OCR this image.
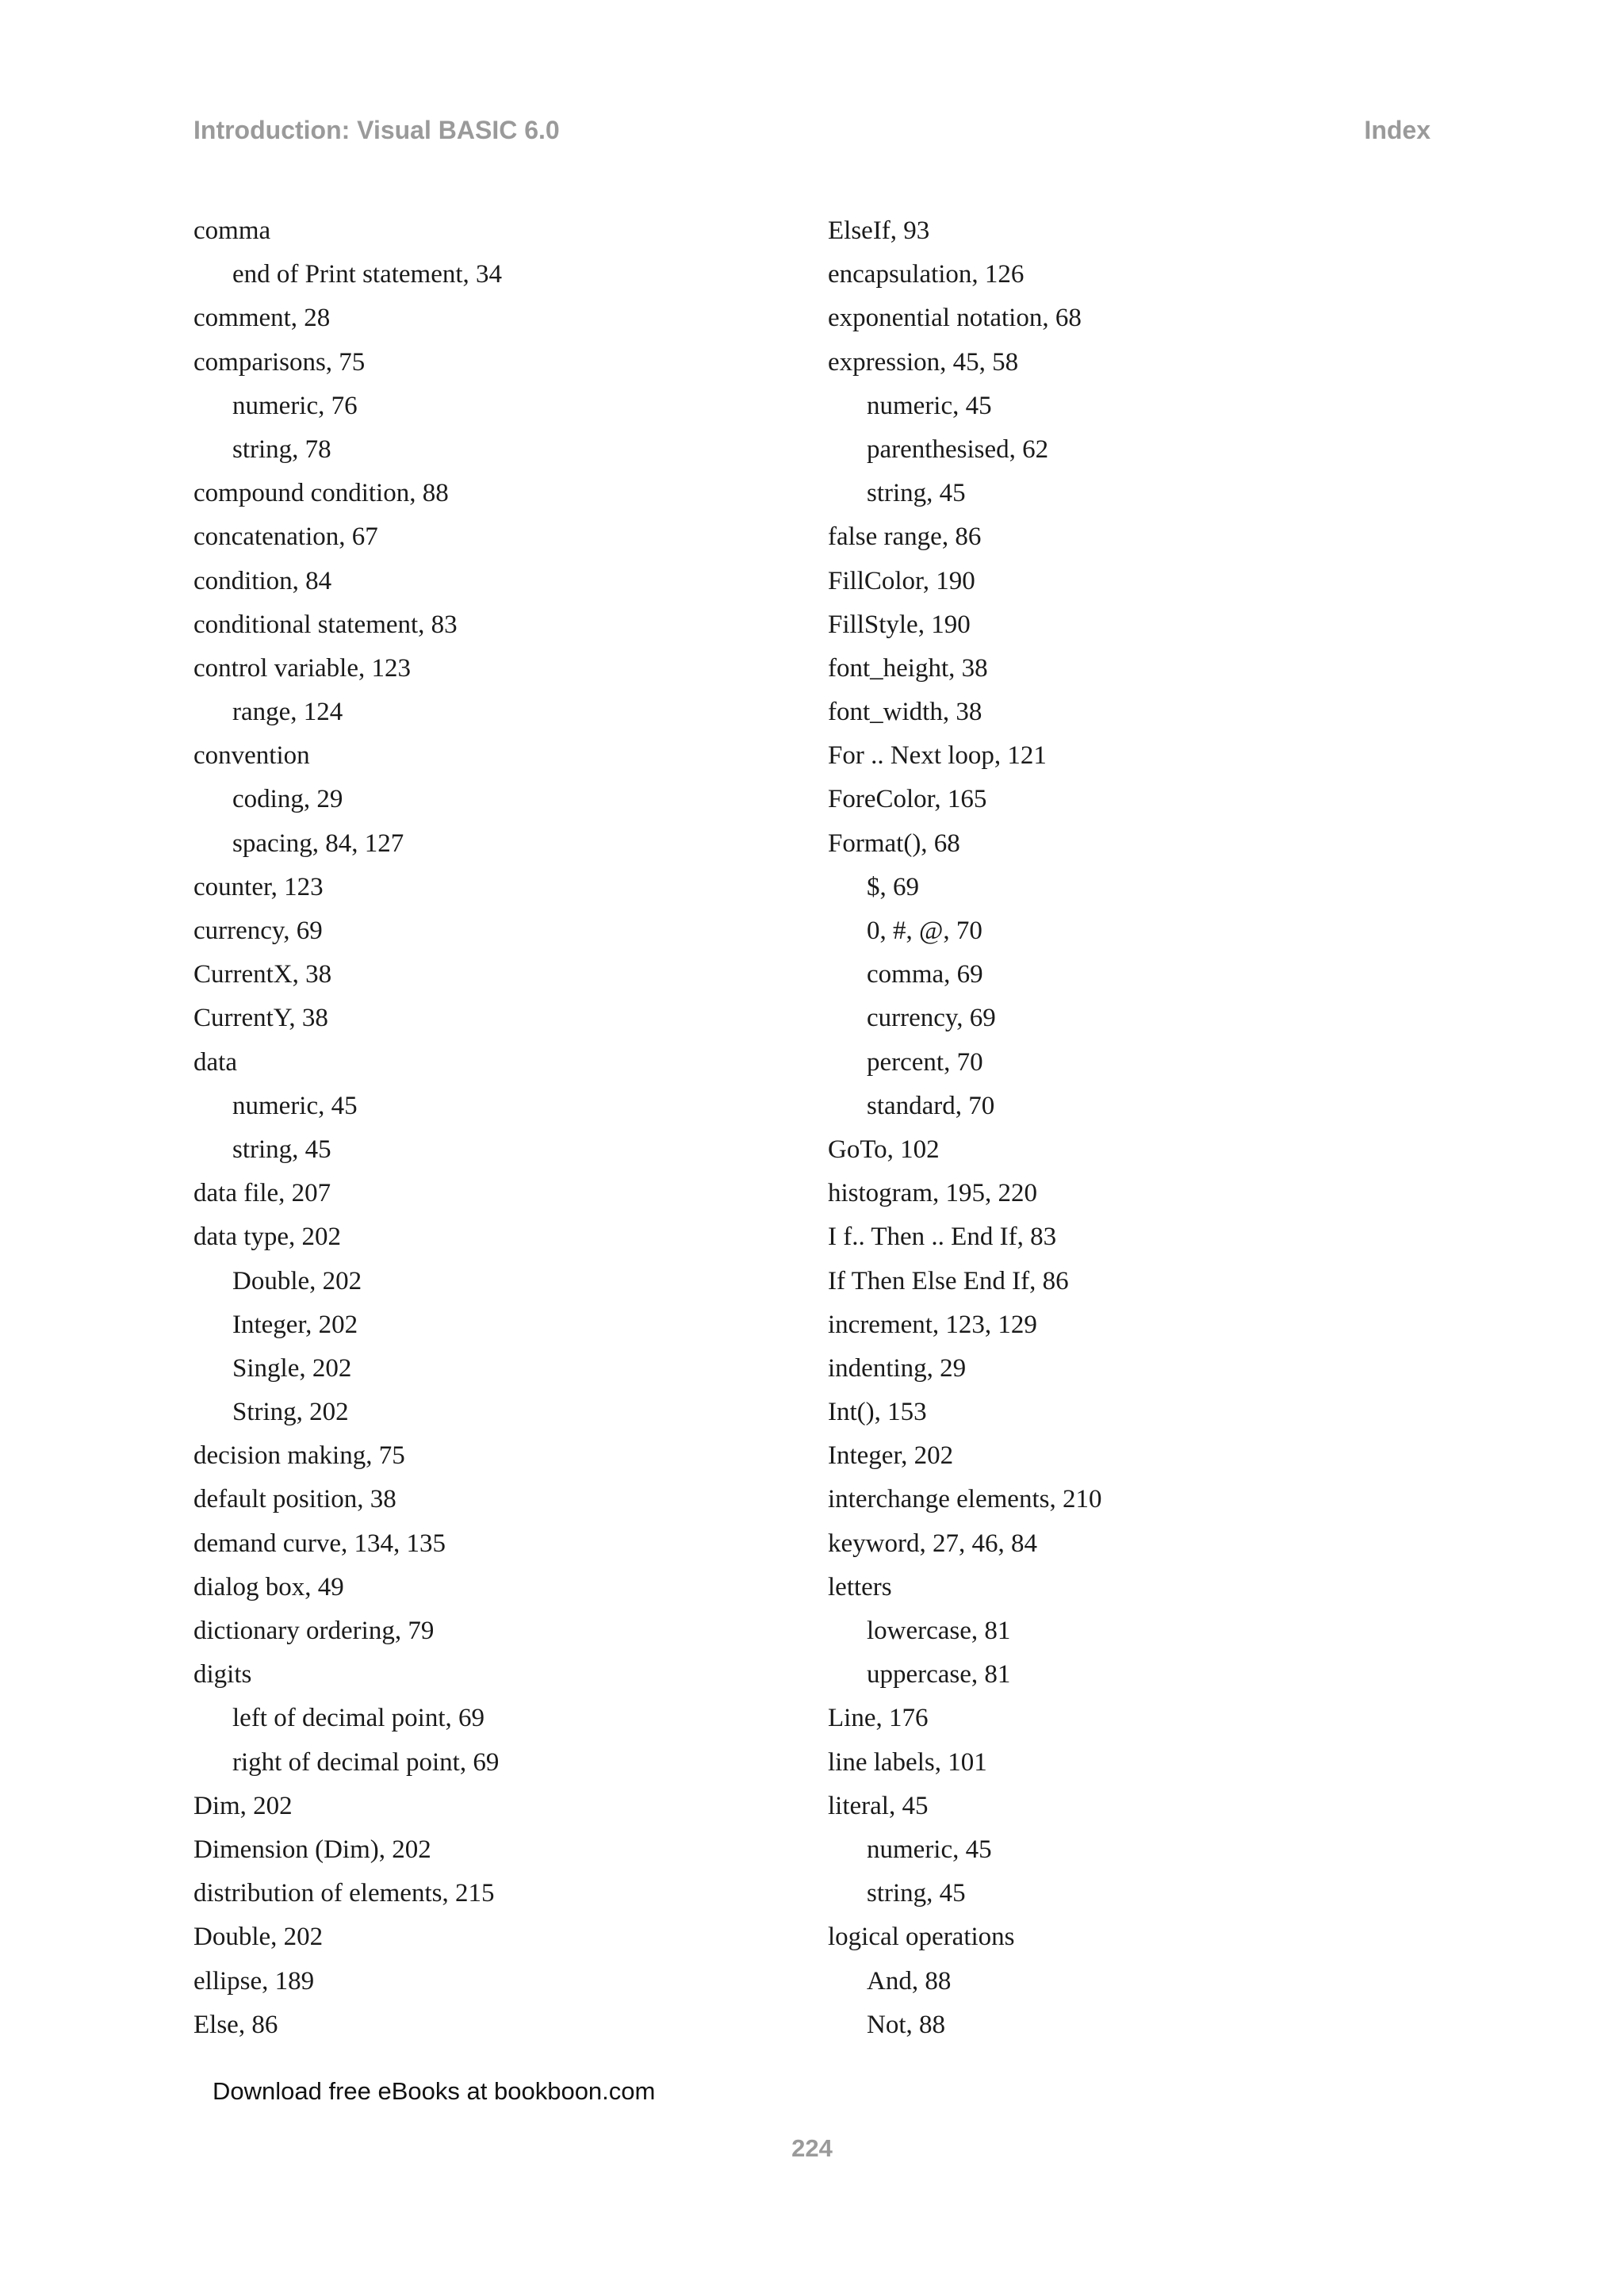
Introduction: Visual BASIC 6.0	Index
comma
end of Print statement, 34
comment, 28
comparisons, 75
numeric, 76
string, 78
compound condition, 88
concatenation, 67
condition, 84
conditional statement, 83
control variable, 123
range, 124
convention
coding, 29
spacing, 84, 127
counter, 123
currency, 69
CurrentX, 38
CurrentY, 38
data
numeric, 45
string, 45
data file, 207
data type, 202
Double, 202
Integer, 202
Single, 202
String, 202
decision making, 75
default position, 38
demand curve, 134, 135
dialog box, 49
dictionary ordering, 79
digits
left of decimal point, 69
right of decimal point, 69
Dim, 202
Dimension (Dim), 202
distribution of elements, 215
Double, 202
ellipse, 189
Else, 86
ElseIf, 93
encapsulation, 126
exponential notation, 68
expression, 45, 58
numeric, 45
parenthesised, 62
string, 45
false range, 86
FillColor, 190
FillStyle, 190
font_height, 38
font_width, 38
For .. Next loop, 121
ForeColor, 165
Format(), 68
$, 69
0, #, @, 70
comma, 69
currency, 69
percent, 70
standard, 70
GoTo, 102
histogram, 195, 220
I f.. Then .. End If, 83
If Then Else End If, 86
increment, 123, 129
indenting, 29
Int(), 153
Integer, 202
interchange elements, 210
keyword, 27, 46, 84
letters
lowercase, 81
uppercase, 81
Line, 176
line labels, 101
literal, 45
numeric, 45
string, 45
logical operations
And, 88
Not, 88
Download free eBooks at bookboon.com
224
